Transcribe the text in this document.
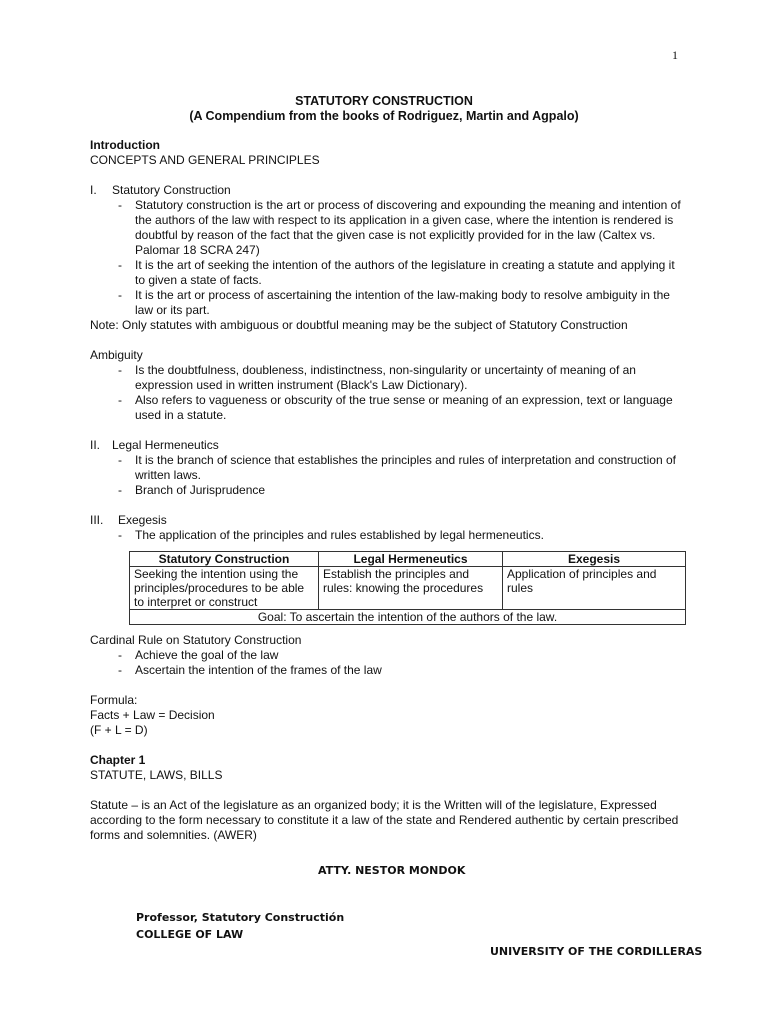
1
STATUTORY CONSTRUCTION
(A Compendium from the books of Rodriguez, Martin and Agpalo)
Introduction
CONCEPTS AND GENERAL PRINCIPLES
I.	Statutory Construction
-	Statutory construction is the art or process of discovering and expounding the meaning and intention of the authors of the law with respect to its application in a given case, where the intention is rendered is doubtful by reason of the fact that the given case is not explicitly provided for in the law (Caltex vs. Palomar 18 SCRA 247)
-	It is the art of seeking the intention of the authors of the legislature in creating a statute and applying it to given a state of facts.
-	It is the art or process of ascertaining the intention of the law-making body to resolve ambiguity in the law or its part.
Note: Only statutes with ambiguous or doubtful meaning may be the subject of Statutory Construction
Ambiguity
-	Is the doubtfulness, doubleness, indistinctness, non-singularity or uncertainty of meaning of an expression used in written instrument (Black's Law Dictionary).
-	Also refers to vagueness or obscurity of the true sense or meaning of an expression, text or language used in a statute.
II. Legal Hermeneutics
-	It is the branch of science that establishes the principles and rules of interpretation and construction of written laws.
-	Branch of Jurisprudence
III.	Exegesis
-	The application of the principles and rules established by legal hermeneutics.
Statutory Construction	Legal Hermeneutics	Exegesis
Seeking the intention using the principles/procedures to be able to interpret or construct	Establish the principles and rules: knowing the procedures	Application of principles and rules
Goal: To ascertain the intention of the authors of the law.		
Cardinal Rule on Statutory Construction
-	Achieve the goal of the law
-	Ascertain the intention of the frames of the law
Formula:
Facts + Law = Decision
(F + L = D)
Chapter 1
STATUTE, LAWS, BILLS
Statute – is an Act of the legislature as an organized body; it is the Written will of the legislature, Expressed according to the form necessary to constitute it a law of the state and Rendered authentic by certain prescribed forms and solemnities. (AWER)
ATTY. NESTOR MONDOK
Professor, Statutory Constructión
COLLEGE OF LAW
UNIVERSITY OF THE CORDILLERAS
